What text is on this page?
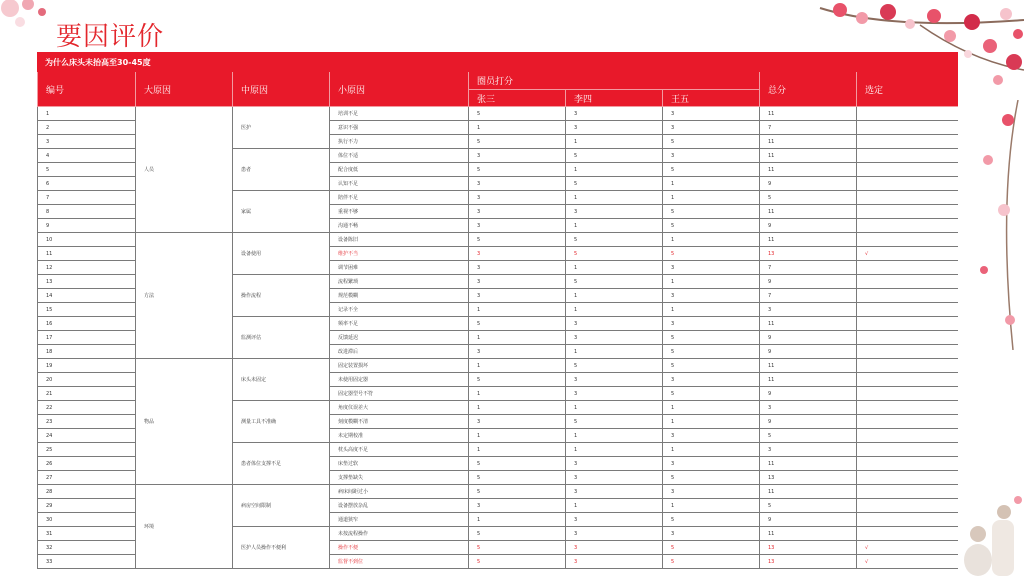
要因评价
为什么床头未抬高至30-45度								
编号	大原因	中原因	小原因	圈员打分			总分	选定
				张三	李四	王五		
1	人员	医护	培训不足	5	3	3	11	
2			意识不强	1	3	3	7	
3			执行不力	5	1	5	11	
4		患者	体位不适	3	5	3	11	
5			配合度低	5	1	5	11	
6			认知不足	3	5	1	9	
7		家属	陪伴不足	3	1	1	5	
8			重视不够	3	3	5	11	
9			沟通不畅	3	1	5	9	
10	方法	设备使用	设备陈旧	5	5	1	11	
11			维护不当	3	5	5	13	√
12			调节困难	3	1	3	7	
13		操作流程	流程繁琐	3	5	1	9	
14			规范模糊	3	1	3	7	
15			记录不全	1	1	1	3	
16		监测评估	频率不足	5	3	3	11	
17			反馈延迟	1	3	5	9	
18			改进滞后	3	1	5	9	
19	物品	床头未固定	固定装置损坏	1	5	5	11	
20			未使用固定器	5	3	3	11	
21			固定器型号不符	1	3	5	9	
22		测量工具不准确	角度仪误差大	1	1	1	3	
23			刻度模糊不清	3	5	1	9	
24			未定期校准	1	1	3	5	
25		患者体位支撑不足	枕头高度不足	1	1	1	3	
26			床垫过软	5	3	3	11	
27			支撑垫缺失	5	3	5	13	
28	环境	病房空间限制	病床间距过小	5	3	3	11	
29			设备摆放杂乱	3	1	1	5	
30			通道狭窄	1	3	5	9	
31		医护人员操作不便利	未按流程操作	5	3	3	11	
32			操作不便	5	3	5	13	√
33			监督不到位	5	3	5	13	√
